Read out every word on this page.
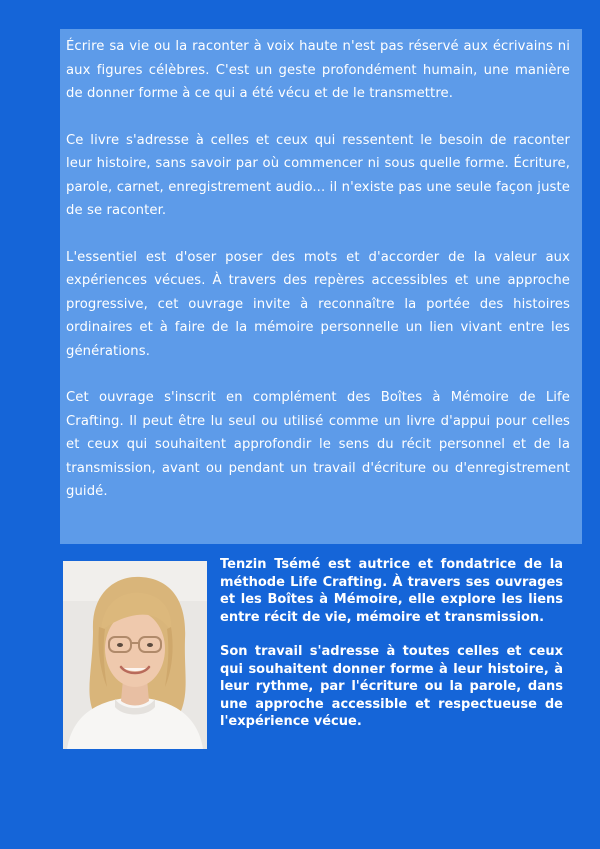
Écrire sa vie ou la raconter à voix haute n'est pas réservé aux écrivains ni aux figures célèbres. C'est un geste profondément humain, une manière de donner forme à ce qui a été vécu et de le transmettre.

Ce livre s'adresse à celles et ceux qui ressentent le besoin de raconter leur histoire, sans savoir par où commencer ni sous quelle forme. Écriture, parole, carnet, enregistrement audio... il n'existe pas une seule façon juste de se raconter.

L'essentiel est d'oser poser des mots et d'accorder de la valeur aux expériences vécues. À travers des repères accessibles et une approche progressive, cet ouvrage invite à reconnaître la portée des histoires ordinaires et à faire de la mémoire personnelle un lien vivant entre les générations.

Cet ouvrage s'inscrit en complément des Boîtes à Mémoire de Life Crafting. Il peut être lu seul ou utilisé comme un livre d'appui pour celles et ceux qui souhaitent approfondir le sens du récit personnel et de la transmission, avant ou pendant un travail d'écriture ou d'enregistrement guidé.

Tenzin Tsémé est autrice et fondatrice de la méthode Life Crafting. À travers ses ouvrages et les Boîtes à Mémoire, elle explore les liens entre récit de vie, mémoire et transmission.

Son travail s'adresse à toutes celles et ceux qui souhaitent donner forme à leur histoire, à leur rythme, par l'écriture ou la parole, dans une approche accessible et respectueuse de l'expérience vécue.
